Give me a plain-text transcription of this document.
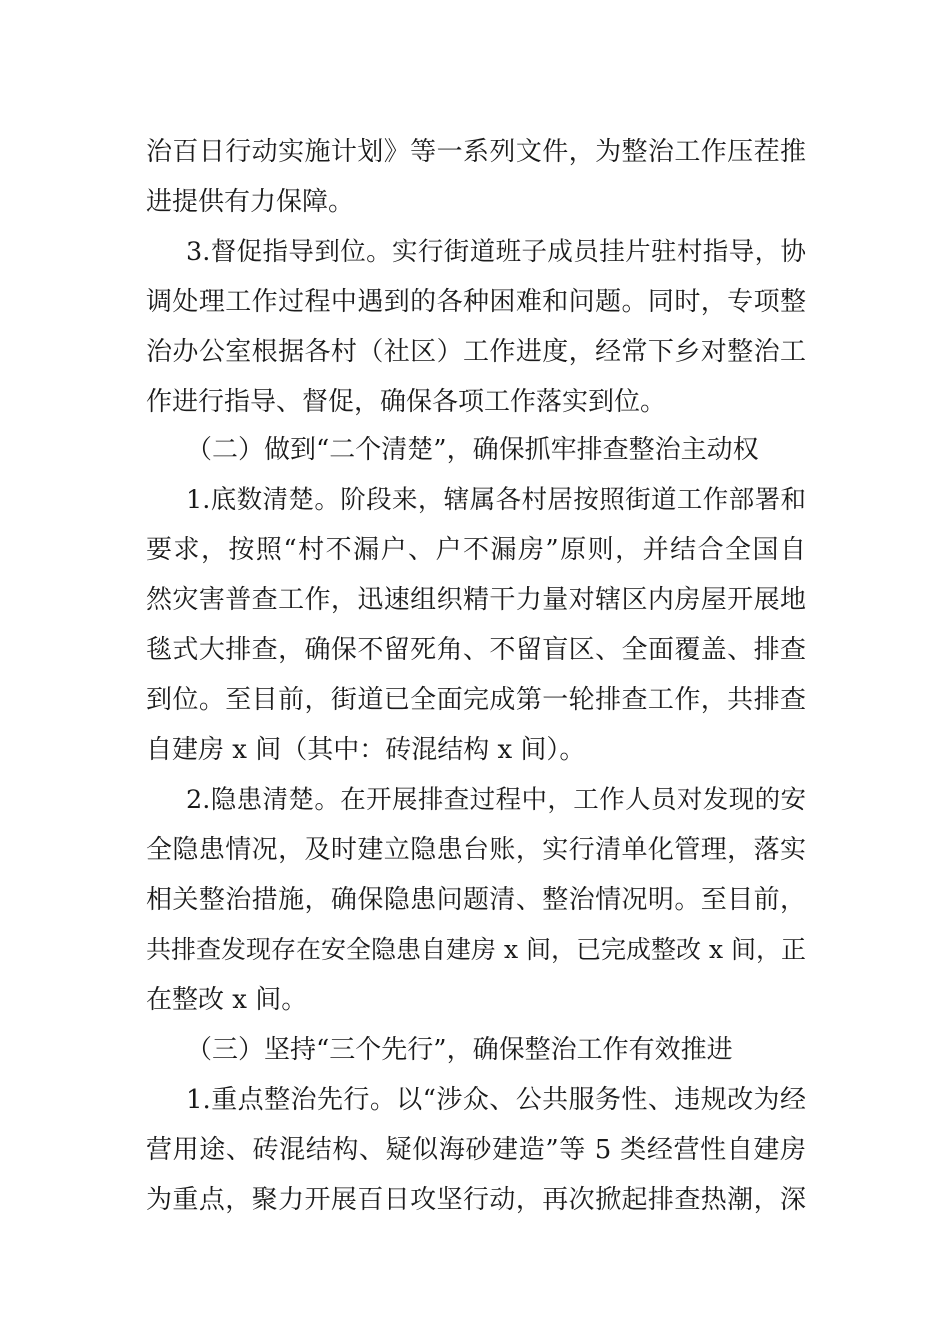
治百日行动实施计划》等一系列文件，为整治工作压茬推
进提供有力保障。
3.督促指导到位。实行街道班子成员挂片驻村指导，协
调处理工作过程中遇到的各种困难和问题。同时，专项整
治办公室根据各村（社区）工作进度，经常下乡对整治工
作进行指导、督促，确保各项工作落实到位。
（二）做到“二个清楚”，确保抓牢排查整治主动权
1.底数清楚。阶段来，辖属各村居按照街道工作部署和
要求，按照“村不漏户、户不漏房”原则，并结合全国自
然灾害普查工作，迅速组织精干力量对辖区内房屋开展地
毯式大排查，确保不留死角、不留盲区、全面覆盖、排查
到位。至目前，街道已全面完成第一轮排查工作，共排查
自建房 x 间（其中：砖混结构 x 间）。
2.隐患清楚。在开展排查过程中，工作人员对发现的安
全隐患情况，及时建立隐患台账，实行清单化管理，落实
相关整治措施，确保隐患问题清、整治情况明。至目前，
共排查发现存在安全隐患自建房 x 间，已完成整改 x 间，正
在整改 x 间。
（三）坚持“三个先行”，确保整治工作有效推进
1.重点整治先行。以“涉众、公共服务性、违规改为经
营用途、砖混结构、疑似海砂建造”等 5 类经营性自建房
为重点，聚力开展百日攻坚行动，再次掀起排查热潮，深
